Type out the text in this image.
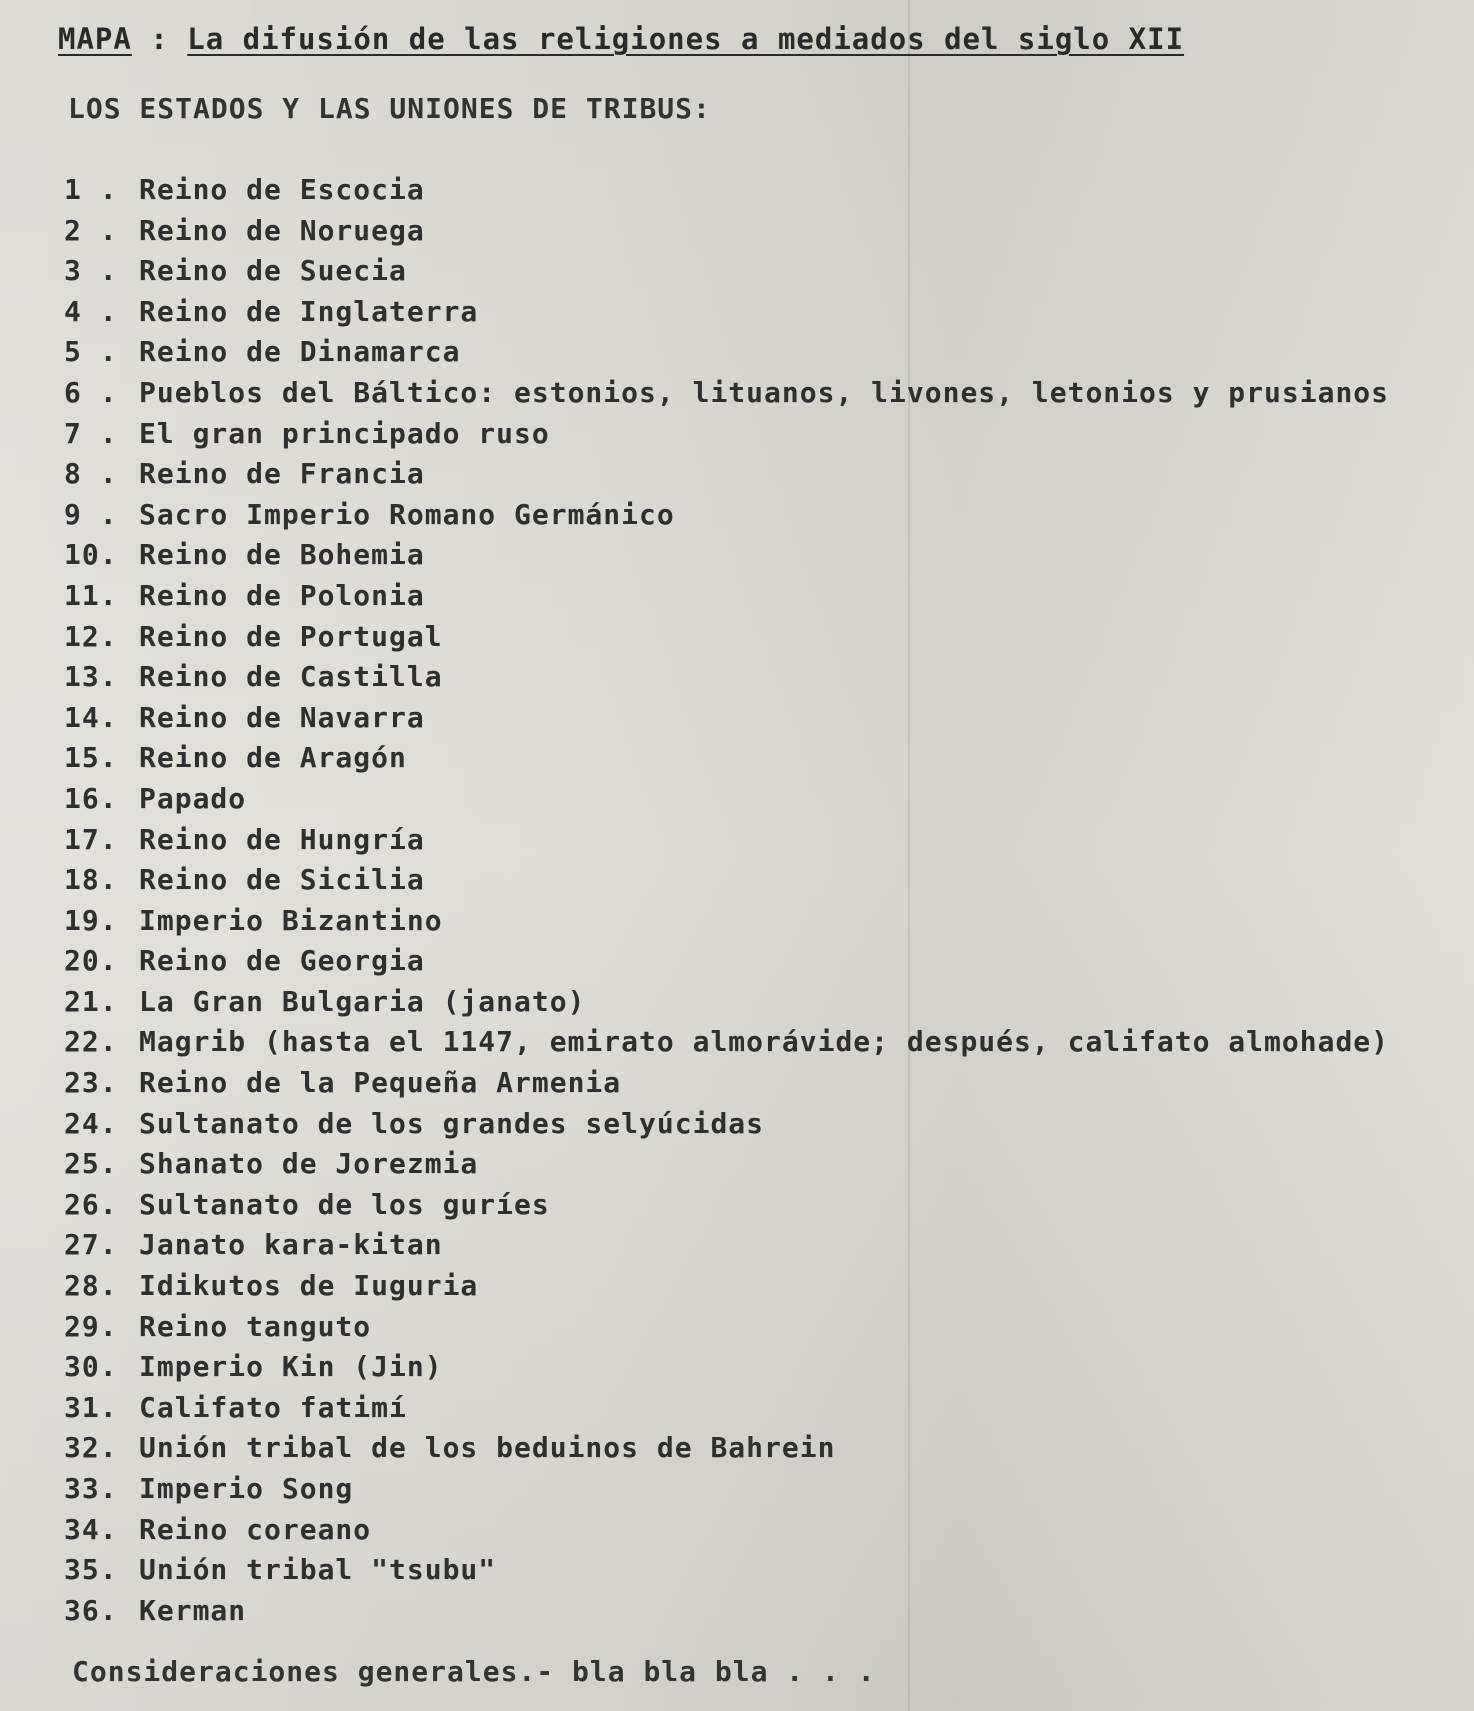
MAPA : La difusión de las religiones a mediados del siglo XII
LOS ESTADOS Y LAS UNIONES DE TRIBUS:
1 . Reino de Escocia
2 . Reino de Noruega
3 . Reino de Suecia
4 . Reino de Inglaterra
5 . Reino de Dinamarca
6 . Pueblos del Báltico: estonios, lituanos, livones, letonios y prusianos
7 . El gran principado ruso
8 . Reino de Francia
9 . Sacro Imperio Romano Germánico
10. Reino de Bohemia
11. Reino de Polonia
12. Reino de Portugal
13. Reino de Castilla
14. Reino de Navarra
15. Reino de Aragón
16. Papado
17. Reino de Hungría
18. Reino de Sicilia
19. Imperio Bizantino
20. Reino de Georgia
21. La Gran Bulgaria (janato)
22. Magrib (hasta el 1147, emirato almorávide; después, califato almohade)
23. Reino de la Pequeña Armenia
24. Sultanato de los grandes selyúcidas
25. Shanato de Jorezmia
26. Sultanato de los guríes
27. Janato kara-kitan
28. Idikutos de Iuguria
29. Reino tanguto
30. Imperio Kin (Jin)
31. Califato fatimí
32. Unión tribal de los beduinos de Bahrein
33. Imperio Song
34. Reino coreano
35. Unión tribal "tsubu"
36. Kerman
Consideraciones generales.- bla bla bla . . .
